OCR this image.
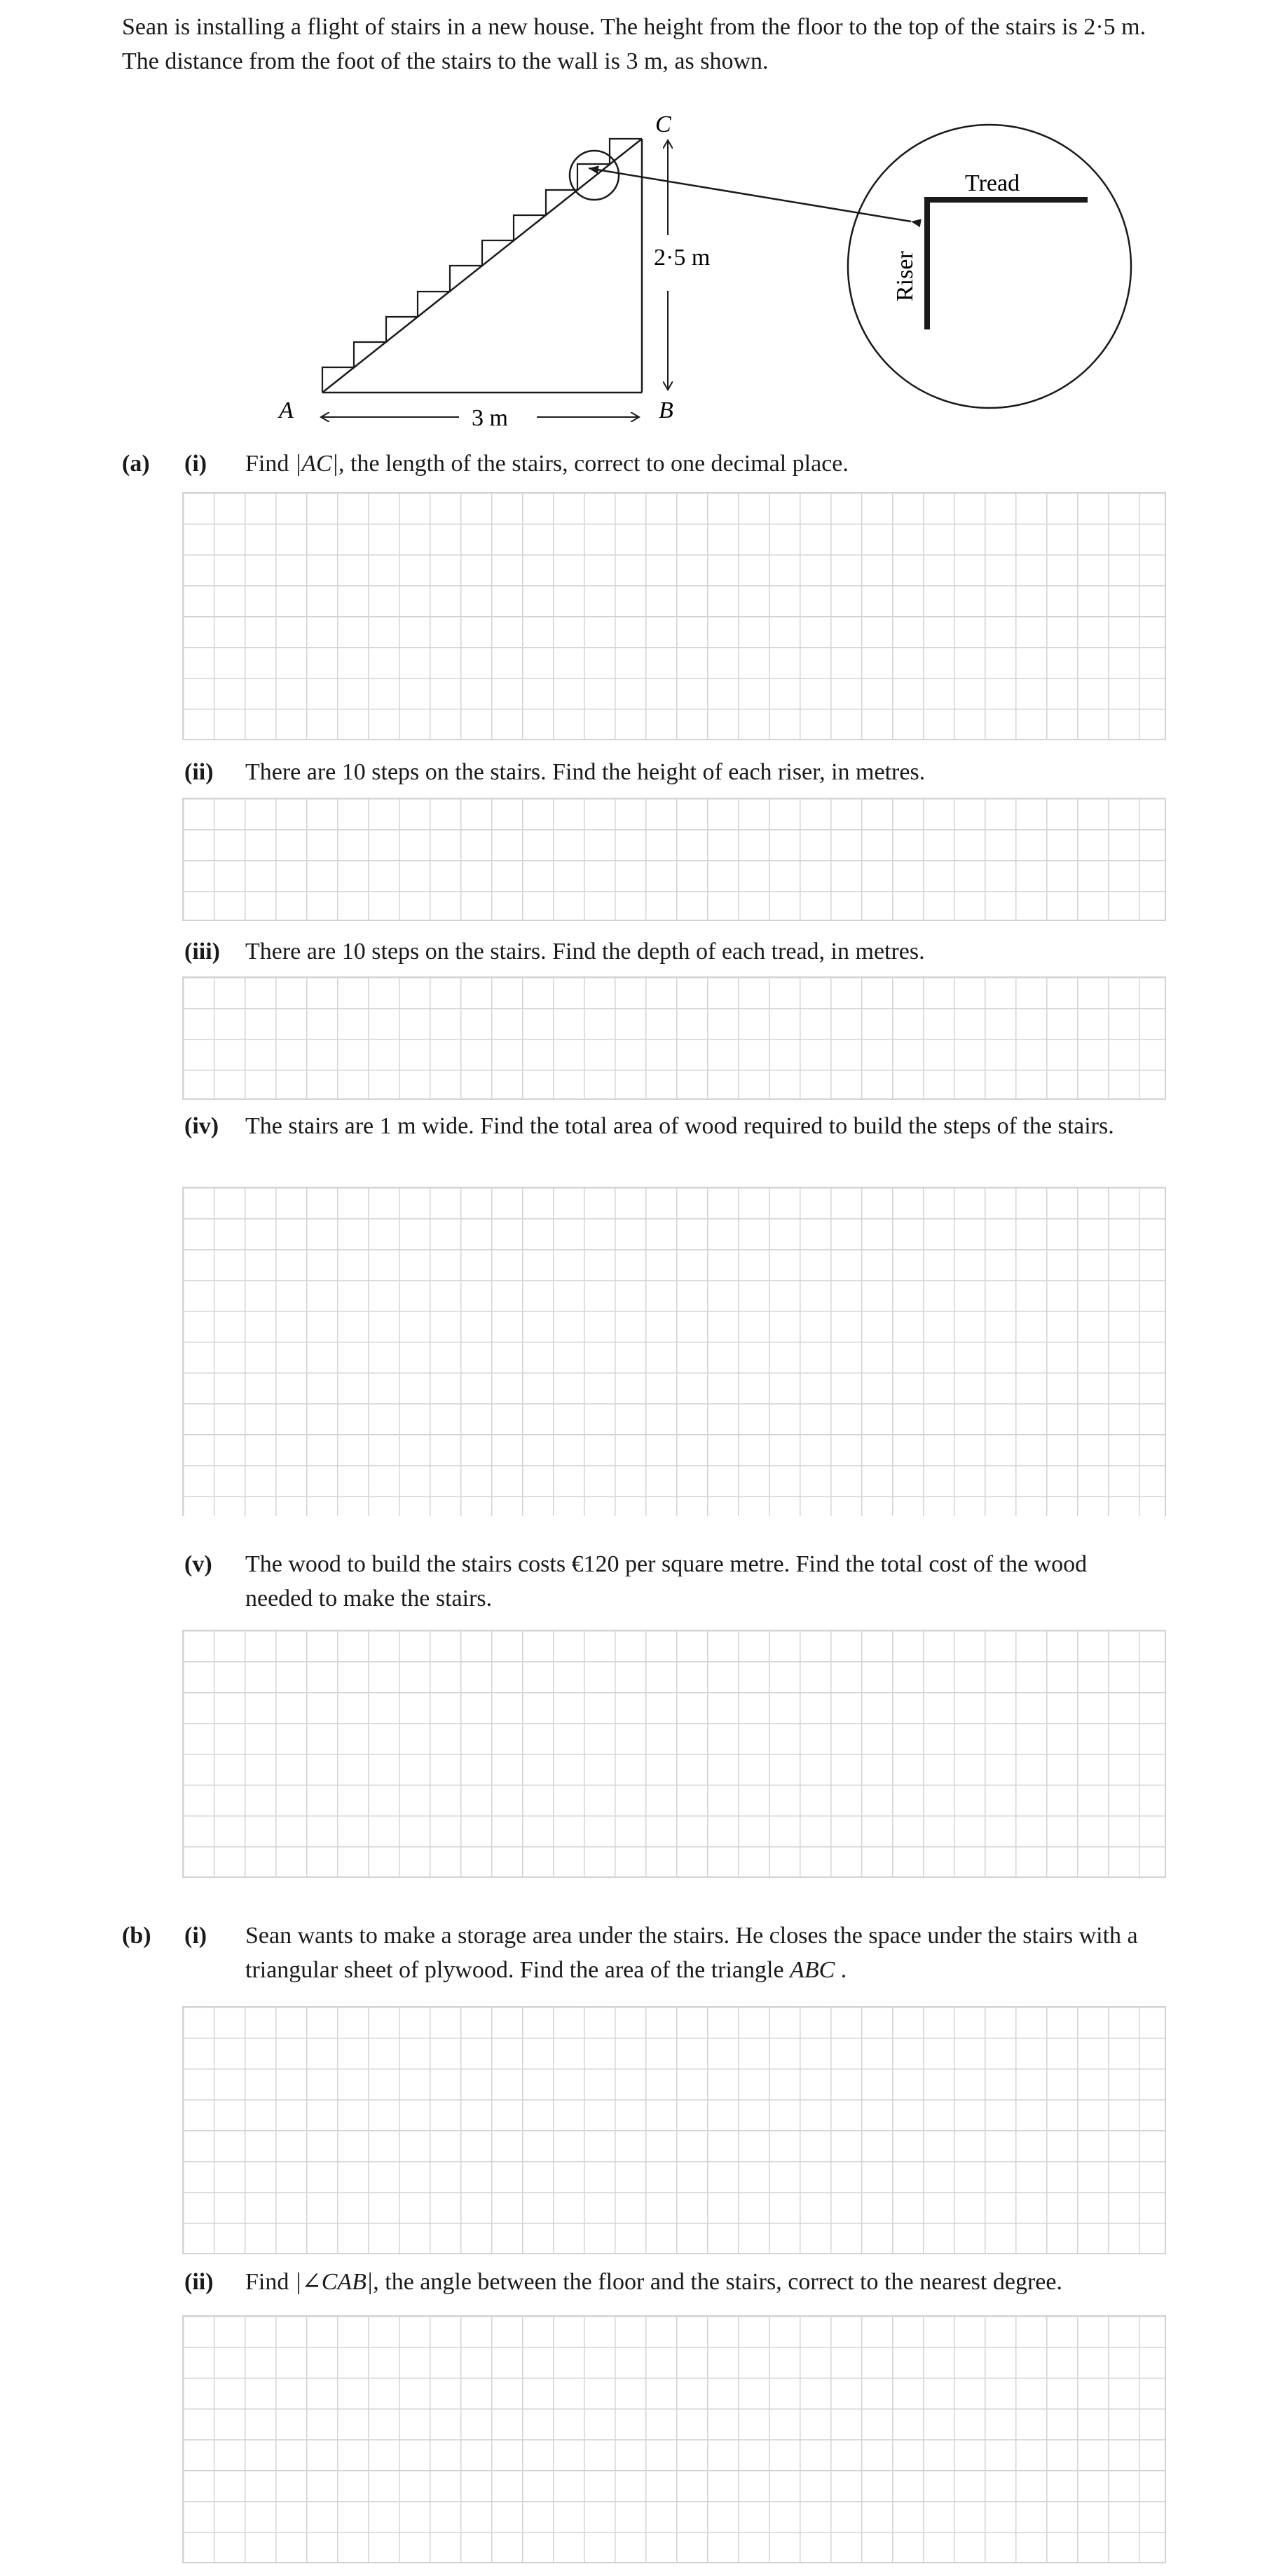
Sean is installing a flight of stairs in a new house. The height from the floor to the top of the stairs is 2·5 m. The distance from the foot of the stairs to the wall is 3 m, as shown.
A	B
C
3 m
2·5 m
Tread
Riser
(a) (i) Find |AC|, the length of the stairs, correct to one decimal place.
(ii) There are 10 steps on the stairs. Find the height of each riser, in metres.
(iii) There are 10 steps on the stairs. Find the depth of each tread, in metres.
(iv) The stairs are 1 m wide. Find the total area of wood required to build the steps of the stairs.
(v) The wood to build the stairs costs €120 per square metre. Find the total cost of the wood needed to make the stairs.
(b) (i) Sean wants to make a storage area under the stairs. He closes the space under the stairs with a triangular sheet of plywood. Find the area of the triangle ABC .
(ii) Find |∠CAB|, the angle between the floor and the stairs, correct to the nearest degree.
